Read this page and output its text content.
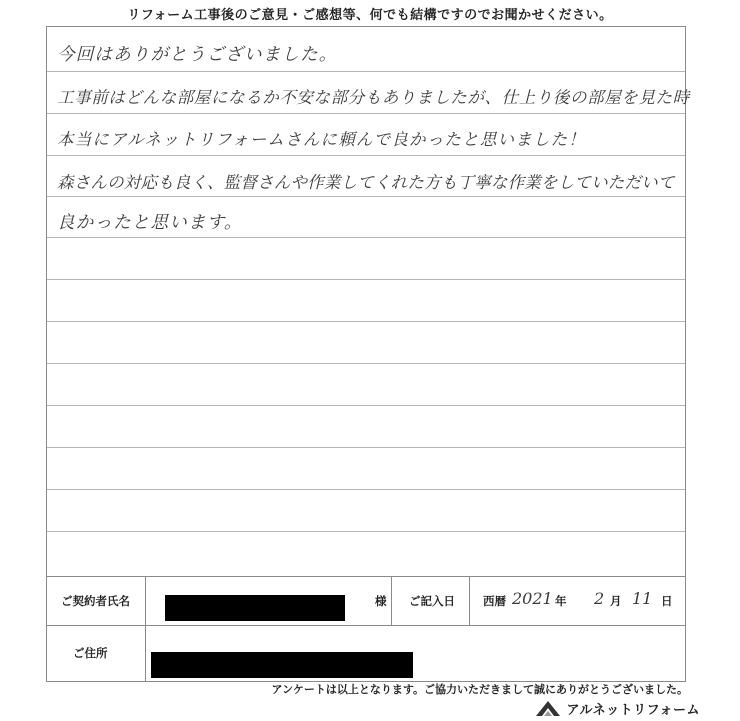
リフォーム工事後のご意見・ご感想等、何でも結構ですのでお聞かせください。
今回はありがとうございました。
工事前はどんな部屋になるか不安な部分もありましたが、仕上り後の部屋を見た時
本当にアルネットリフォームさんに頼んで良かったと思いました！
森さんの対応も良く、監督さんや作業してくれた方も丁寧な作業をしていただいて
良かったと思います。
ご契約者氏名	様 ご記入日 西暦 2021 年 2 月 11 日
ご住所
アンケートは以上となります。ご協力いただきまして誠にありがとうございました。
アルネットリフォーム
